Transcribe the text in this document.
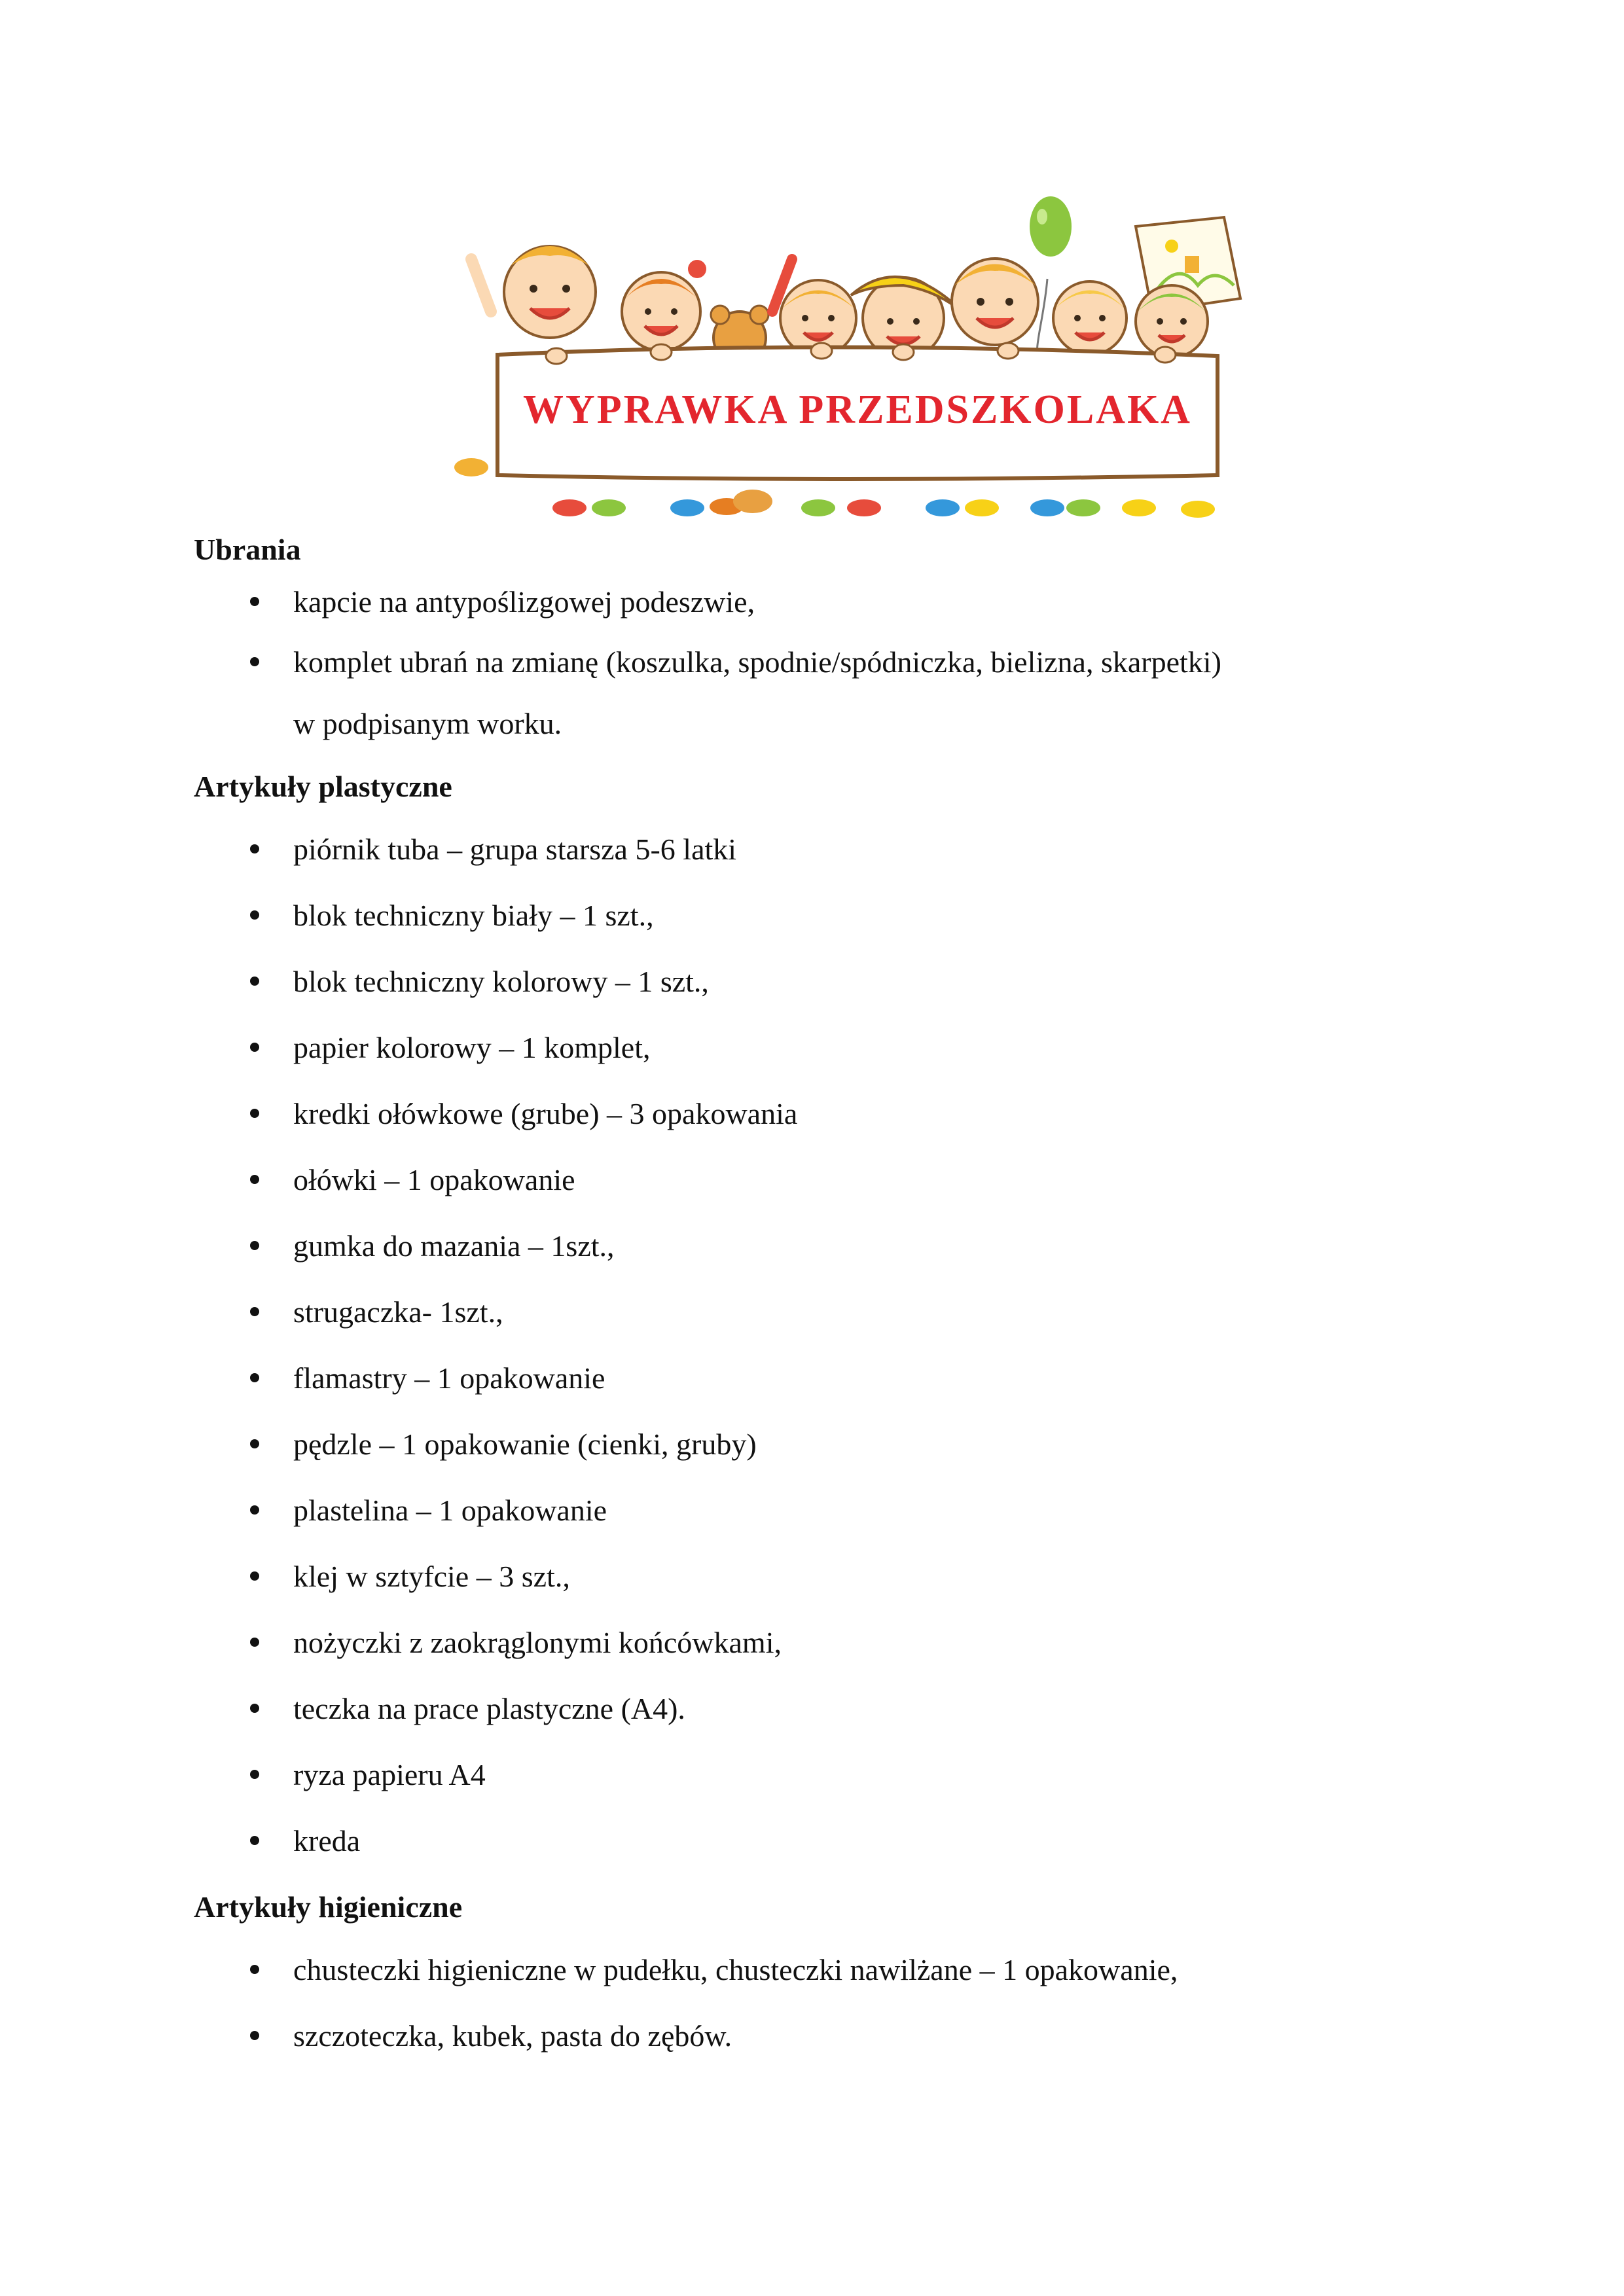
WYPRAWKA PRZEDSZKOLAKA
Ubrania
kapcie na antypoślizgowej podeszwie,
komplet ubrań na zmianę (koszulka, spodnie/spódniczka, bielizna, skarpetki)
w podpisanym worku.
Artykuły plastyczne
piórnik tuba – grupa starsza 5-6 latki
blok techniczny biały – 1 szt.,
blok techniczny kolorowy – 1 szt.,
papier kolorowy – 1 komplet,
kredki ołówkowe (grube) – 3 opakowania
ołówki – 1 opakowanie
gumka do mazania – 1szt.,
strugaczka- 1szt.,
flamastry – 1 opakowanie
pędzle – 1 opakowanie (cienki, gruby)
plastelina – 1 opakowanie
klej w sztyfcie – 3 szt.,
nożyczki z zaokrąglonymi końcówkami,
teczka na prace plastyczne (A4).
ryza papieru A4
kreda
Artykuły higieniczne
chusteczki higieniczne w pudełku, chusteczki nawilżane – 1 opakowanie,
szczoteczka, kubek, pasta do zębów.
